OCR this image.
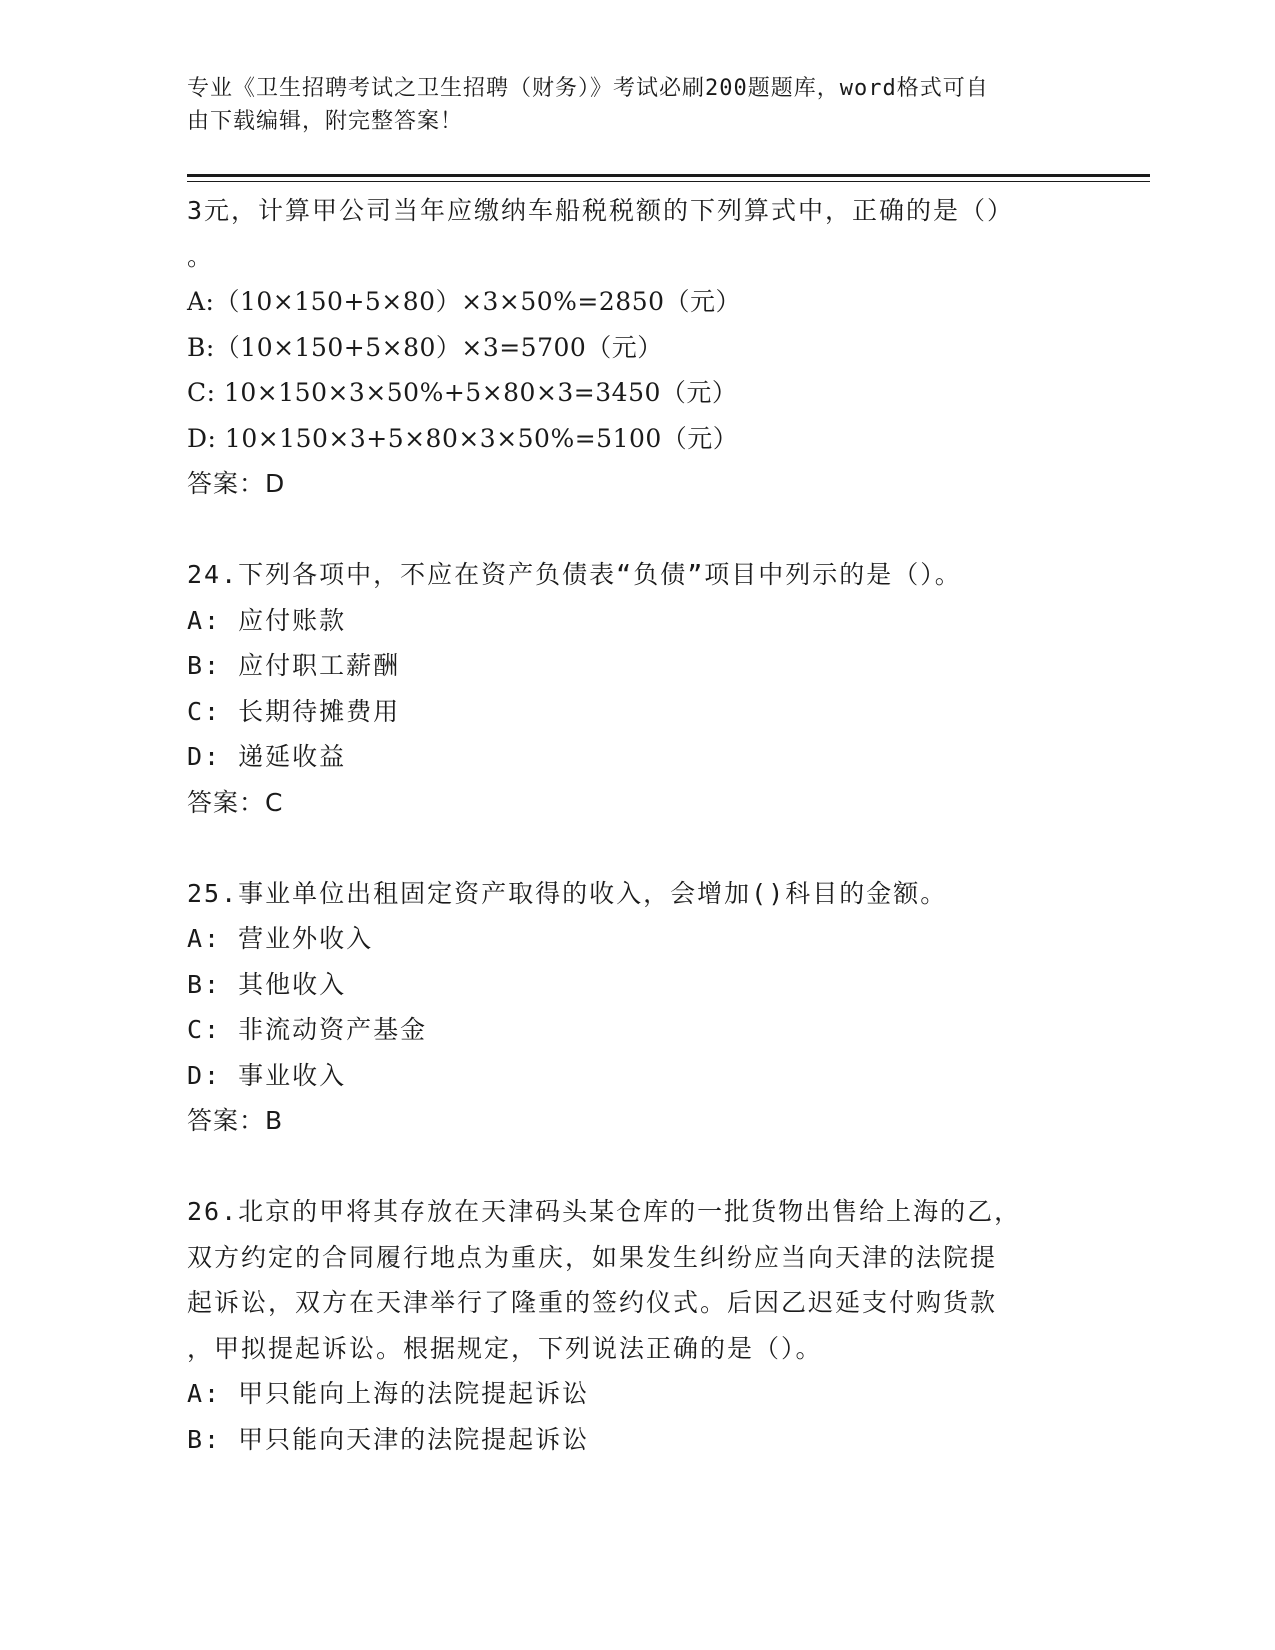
专业《卫生招聘考试之卫生招聘（财务）》考试必刷200题题库，word格式可自
由下载编辑，附完整答案！
3元，计算甲公司当年应缴纳车船税税额的下列算式中，正确的是（）
。
A:（10×150+5×80）×3×50%=2850（元）
B:（10×150+5×80）×3=5700（元）
C: 10×150×3×50%+5×80×3=3450（元）
D: 10×150×3+5×80×3×50%=5100（元）
答案：D
24.下列各项中，不应在资产负债表“负债”项目中列示的是（）。
A: 应付账款
B: 应付职工薪酬
C: 长期待摊费用
D: 递延收益
答案：C
25.事业单位出租固定资产取得的收入，会增加()科目的金额。
A: 营业外收入
B: 其他收入
C: 非流动资产基金
D: 事业收入
答案：B
26.北京的甲将其存放在天津码头某仓库的一批货物出售给上海的乙，
双方约定的合同履行地点为重庆，如果发生纠纷应当向天津的法院提
起诉讼，双方在天津举行了隆重的签约仪式。后因乙迟延支付购货款
，甲拟提起诉讼。根据规定，下列说法正确的是（）。
A: 甲只能向上海的法院提起诉讼
B: 甲只能向天津的法院提起诉讼
